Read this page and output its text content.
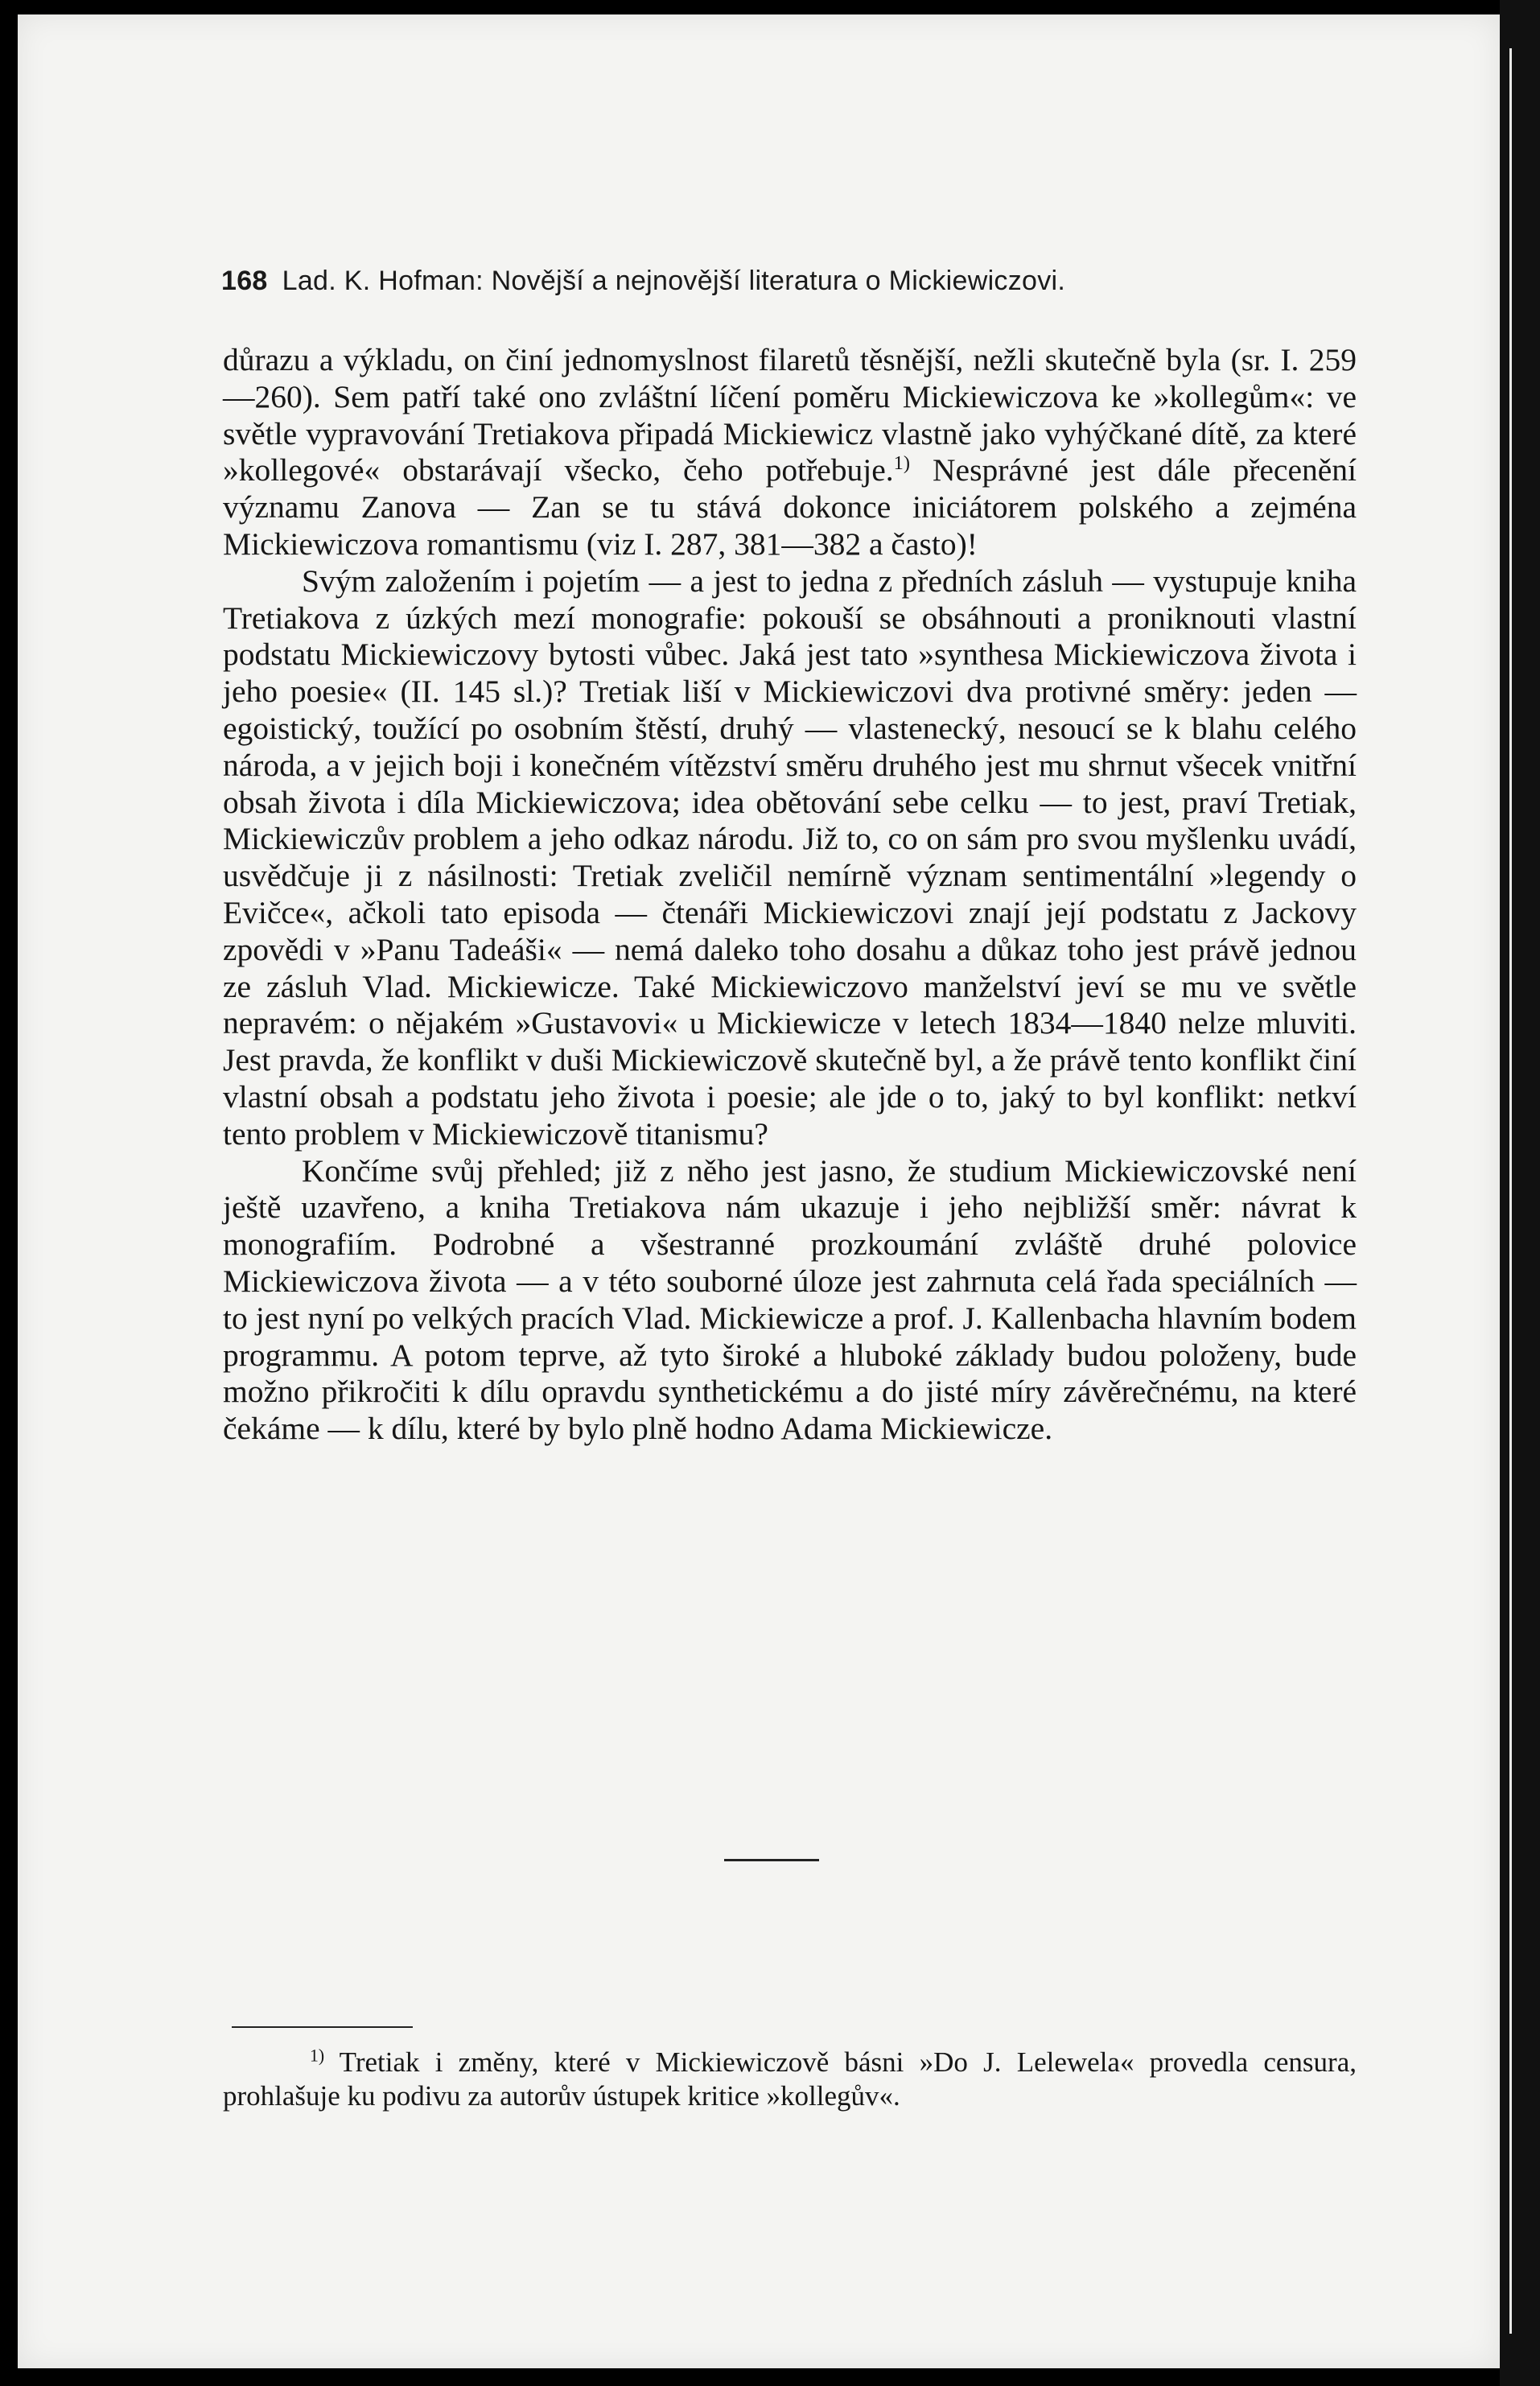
168 Lad. K. Hofman: Novější a nejnovější literatura o Mickiewiczovi.

důrazu a výkladu, on činí jednomyslnost filaretů těsnější, nežli skutečně byla (sr. I. 259—260). Sem patří také ono zvláštní líčení poměru Mickiewiczova ke »kollegům«: ve světle vypravování Tretiakova připadá Mickiewicz vlastně jako vyhýčkané dítě, za které »kollegové« obstarávají všecko, čeho potřebuje.$^{1)}$ Nesprávné jest dále přecenění významu Zanova — Zan se tu stává dokonce iniciátorem polského a zejména Mickiewiczova romantismu (viz I. 287, 381—382 a často)!

Svým založením i pojetím — a jest to jedna z předních zásluh — vystupuje kniha Tretiakova z úzkých mezí monografie: pokouší se obsáhnouti a proniknouti vlastní podstatu Mickiewiczovy bytosti vůbec. Jaká jest tato »synthesa Mickiewiczova života i jeho poesie« (II. 145 sl.)? Tretiak liší v Mickiewiczovi dva protivné směry: jeden — egoistický, toužící po osobním štěstí, druhý — vlastenecký, nesoucí se k blahu celého národa, a v jejich boji i konečném vítězství směru druhého jest mu shrnut všecek vnitřní obsah života i díla Mickiewiczova; idea obětování sebe celku — to jest, praví Tretiak, Mickiewiczův problem a jeho odkaz národu. Již to, co on sám pro svou myšlenku uvádí, usvědčuje ji z násilnosti: Tretiak zveličil nemírně význam sentimentální »legendy o Evičce«, ačkoli tato episoda — čtenáři Mickiewiczovi znají její podstatu z Jackovy zpovědi v »Panu Tadeáši« — nemá daleko toho dosahu a důkaz toho jest právě jednou ze zásluh Vlad. Mickiewicze. Také Mickiewiczovo manželství jeví se mu ve světle nepravém: o nějakém »Gustavovi« u Mickiewicze v letech 1834—1840 nelze mluviti. Jest pravda, že konflikt v duši Mickiewiczově skutečně byl, a že právě tento konflikt činí vlastní obsah a podstatu jeho života i poesie; ale jde o to, jaký to byl konflikt: netkví tento problem v Mickiewiczově titanismu?

Končíme svůj přehled; již z něho jest jasno, že studium Mickiewiczovské není ještě uzavřeno, a kniha Tretiakova nám ukazuje i jeho nejbližší směr: návrat k monografiím. Podrobné a všestranné prozkoumání zvláště druhé polovice Mickiewiczova života — a v této souborné úloze jest zahrnuta celá řada speciálních — to jest nyní po velkých pracích Vlad. Mickiewicze a prof. J. Kallenbacha hlavním bodem programmu. A potom teprve, až tyto široké a hluboké základy budou položeny, bude možno přikročiti k dílu opravdu synthetickému a do jisté míry závěrečnému, na které čekáme — k dílu, které by bylo plně hodno Adama Mickiewicze.

$^{1)}$ Tretiak i změny, které v Mickiewiczově básni »Do J. Lelewela« provedla censura, prohlašuje ku podivu za autorův ústupek kritice »kollegův«.
